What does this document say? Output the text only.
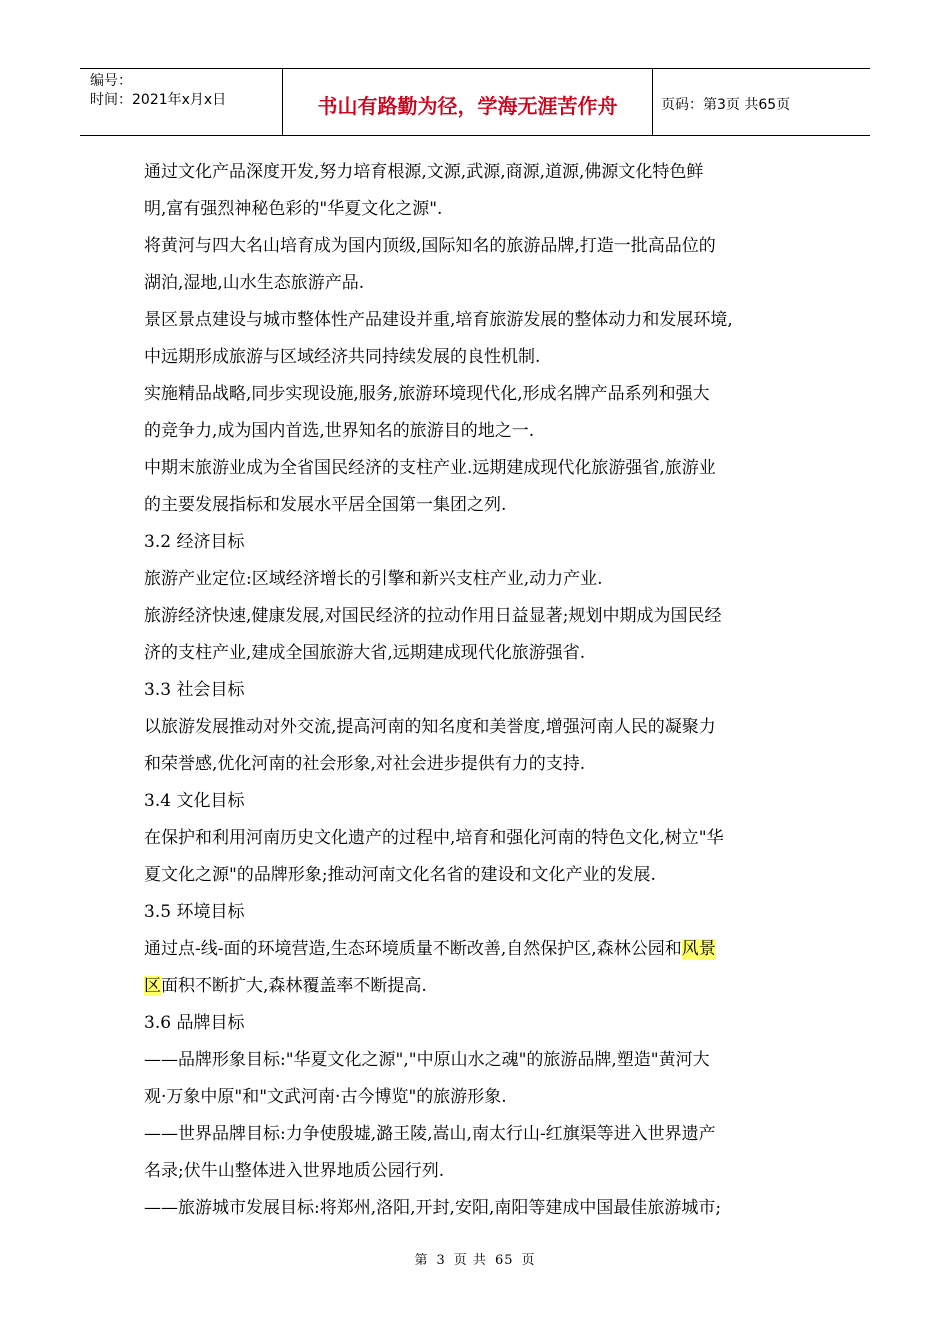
编号：
时间：2021年x月x日	书山有路勤为径，学海无涯苦作舟	页码：第3页 共65页

通过文化产品深度开发,努力培育根源,文源,武源,商源,道源,佛源文化特色鲜

明,富有强烈神秘色彩的"华夏文化之源".

将黄河与四大名山培育成为国内顶级,国际知名的旅游品牌,打造一批高品位的

湖泊,湿地,山水生态旅游产品.

景区景点建设与城市整体性产品建设并重,培育旅游发展的整体动力和发展环境,

中远期形成旅游与区域经济共同持续发展的良性机制.

实施精品战略,同步实现设施,服务,旅游环境现代化,形成名牌产品系列和强大

的竞争力,成为国内首选,世界知名的旅游目的地之一.

中期末旅游业成为全省国民经济的支柱产业.远期建成现代化旅游强省,旅游业

的主要发展指标和发展水平居全国第一集团之列.

3.2 经济目标

旅游产业定位:区域经济增长的引擎和新兴支柱产业,动力产业.

旅游经济快速,健康发展,对国民经济的拉动作用日益显著;规划中期成为国民经

济的支柱产业,建成全国旅游大省,远期建成现代化旅游强省.

3.3 社会目标

以旅游发展推动对外交流,提高河南的知名度和美誉度,增强河南人民的凝聚力

和荣誉感,优化河南的社会形象,对社会进步提供有力的支持.

3.4 文化目标

在保护和利用河南历史文化遗产的过程中,培育和强化河南的特色文化,树立"华

夏文化之源"的品牌形象;推动河南文化名省的建设和文化产业的发展.

3.5 环境目标

通过点-线-面的环境营造,生态环境质量不断改善,自然保护区,森林公园和风景

区面积不断扩大,森林覆盖率不断提高.

3.6 品牌目标

——品牌形象目标:"华夏文化之源","中原山水之魂"的旅游品牌,塑造"黄河大

观·万象中原"和"文武河南·古今博览"的旅游形象.

——世界品牌目标:力争使殷墟,潞王陵,嵩山,南太行山-红旗渠等进入世界遗产

名录;伏牛山整体进入世界地质公园行列.

——旅游城市发展目标:将郑州,洛阳,开封,安阳,南阳等建成中国最佳旅游城市;

第 3 页 共 65 页
